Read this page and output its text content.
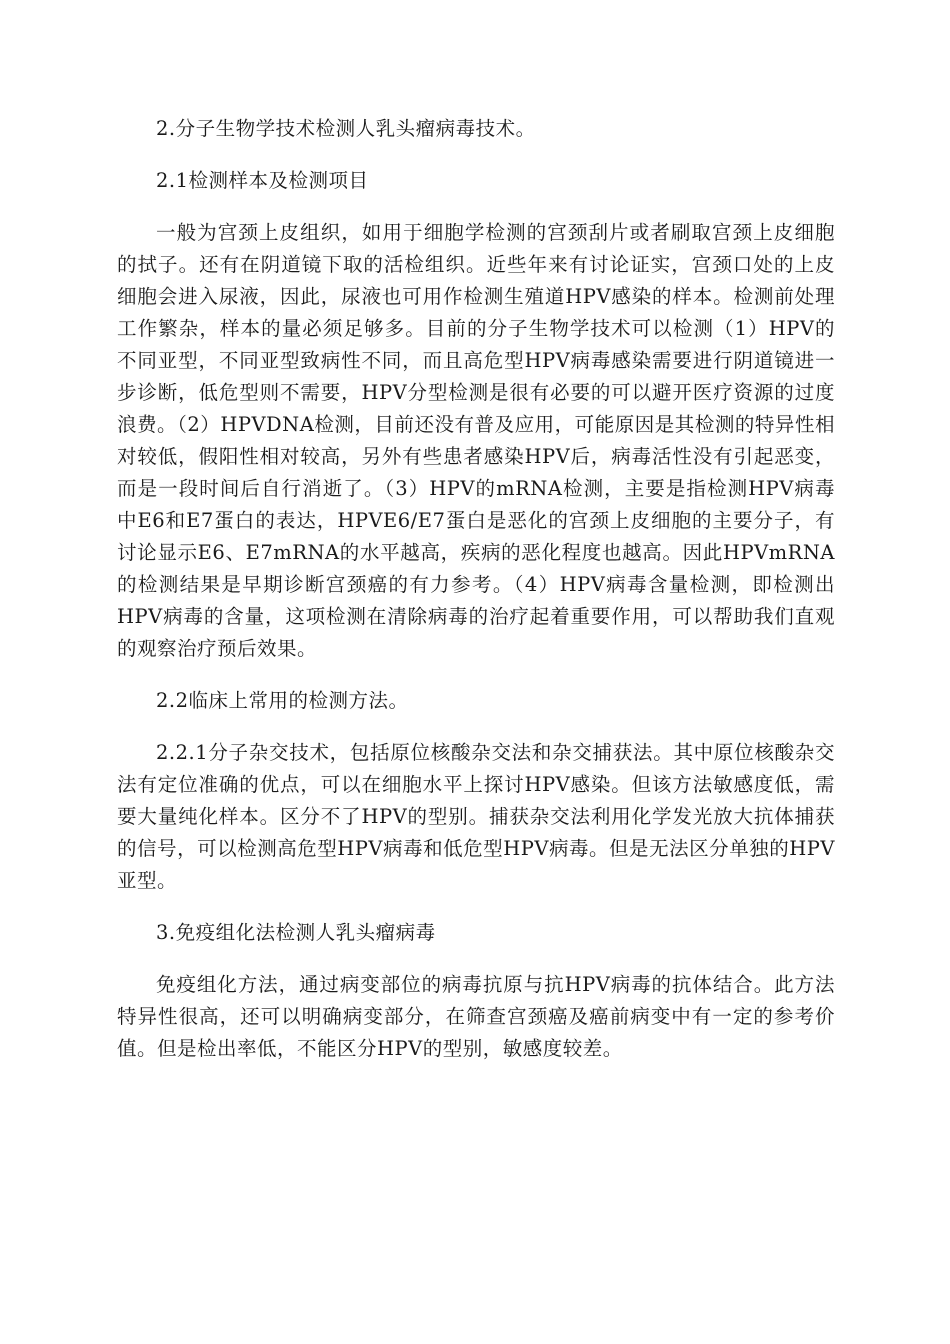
2.分子生物学技术检测人乳头瘤病毒技术。

2.1检测样本及检测项目

一般为宫颈上皮组织，如用于细胞学检测的宫颈刮片或者刷取宫颈上皮细胞的拭子。还有在阴道镜下取的活检组织。近些年来有讨论证实，宫颈口处的上皮细胞会进入尿液，因此，尿液也可用作检测生殖道HPV感染的样本。检测前处理工作繁杂，样本的量必须足够多。目前的分子生物学技术可以检测（1）HPV的不同亚型，不同亚型致病性不同，而且高危型HPV病毒感染需要进行阴道镜进一步诊断，低危型则不需要，HPV分型检测是很有必要的可以避开医疗资源的过度浪费。（2）HPVDNA检测，目前还没有普及应用，可能原因是其检测的特异性相对较低，假阳性相对较高，另外有些患者感染HPV后，病毒活性没有引起恶变，而是一段时间后自行消逝了。（3）HPV的mRNA检测，主要是指检测HPV病毒中E6和E7蛋白的表达，HPVE6/E7蛋白是恶化的宫颈上皮细胞的主要分子，有讨论显示E6、E7mRNA的水平越高，疾病的恶化程度也越高。因此HPVmRNA的检测结果是早期诊断宫颈癌的有力参考。（4）HPV病毒含量检测，即检测出HPV病毒的含量，这项检测在清除病毒的治疗起着重要作用，可以帮助我们直观的观察治疗预后效果。

2.2临床上常用的检测方法。

2.2.1分子杂交技术，包括原位核酸杂交法和杂交捕获法。其中原位核酸杂交法有定位准确的优点，可以在细胞水平上探讨HPV感染。但该方法敏感度低，需要大量纯化样本。区分不了HPV的型别。捕获杂交法利用化学发光放大抗体捕获的信号，可以检测高危型HPV病毒和低危型HPV病毒。但是无法区分单独的HPV亚型。

3.免疫组化法检测人乳头瘤病毒

免疫组化方法，通过病变部位的病毒抗原与抗HPV病毒的抗体结合。此方法特异性很高，还可以明确病变部分，在筛查宫颈癌及癌前病变中有一定的参考价值。但是检出率低，不能区分HPV的型别，敏感度较差。
